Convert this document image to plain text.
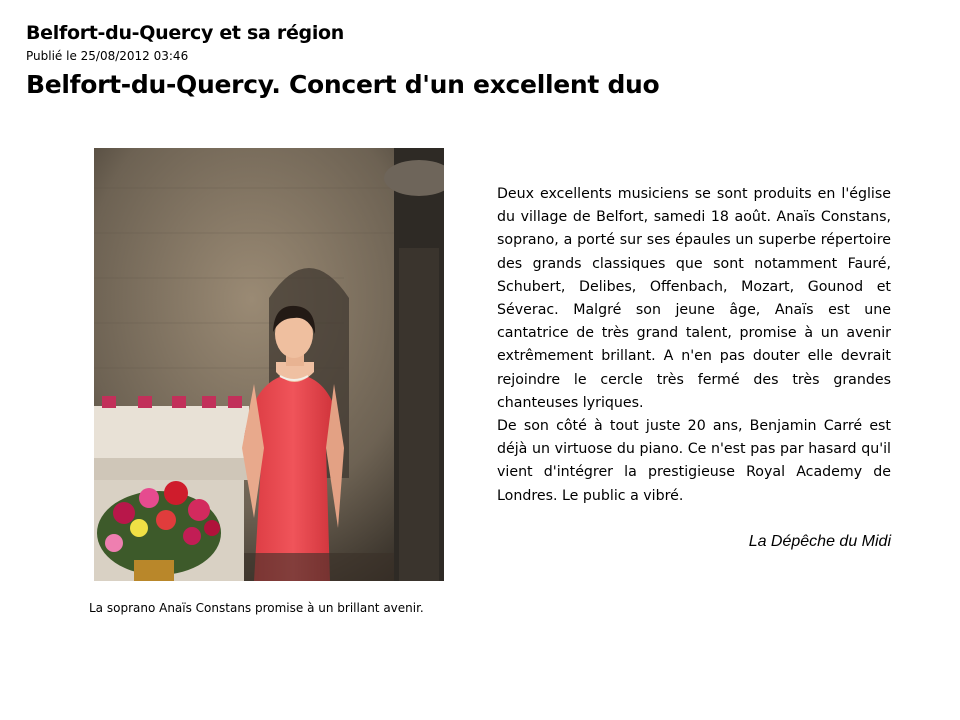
Belfort-du-Quercy et sa région
Publié le 25/08/2012 03:46
Belfort-du-Quercy. Concert d'un excellent duo
La soprano Anaïs Constans promise à un brillant avenir.

Deux excellents musiciens se sont produits en l'église du village de Belfort, samedi 18 août. Anaïs Constans, soprano, a porté sur ses épaules un superbe répertoire des grands classiques que sont notamment Fauré, Schubert, Delibes, Offenbach, Mozart, Gounod et Séverac. Malgré son jeune âge, Anaïs est une cantatrice de très grand talent, promise à un avenir extrêmement brillant. A n'en pas douter elle devrait rejoindre le cercle très fermé des très grandes chanteuses lyriques.

De son côté à tout juste 20 ans, Benjamin Carré est déjà un virtuose du piano. Ce n'est pas par hasard qu'il vient d'intégrer la prestigieuse Royal Academy de Londres. Le public a vibré.

La Dépêche du Midi
